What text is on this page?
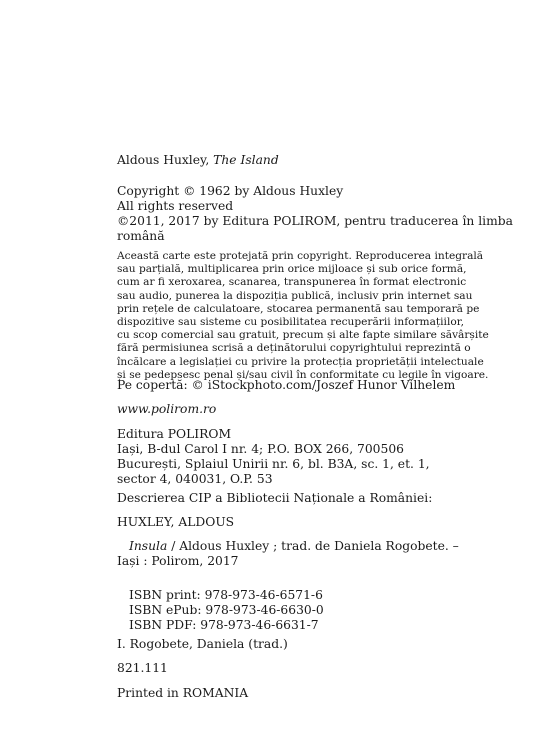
Aldous Huxley, The Island
Copyright © 1962 by Aldous Huxley
All rights reserved
©2011, 2017 by Editura POLIROM, pentru traducerea în limba
română
Această carte este protejată prin copyright. Reproducerea integrală
sau parțială, multiplicarea prin orice mijloace și sub orice formă,
cum ar fi xeroxarea, scanarea, transpunerea în format electronic
sau audio, punerea la dispoziția publică, inclusiv prin internet sau
prin rețele de calculatoare, stocarea permanentă sau temporară pe
dispozitive sau sisteme cu posibilitatea recuperării informațiilor,
cu scop comercial sau gratuit, precum și alte fapte similare săvârșite
fără permisiunea scrisă a deținătorului copyrightului reprezintă o
încălcare a legislației cu privire la protecția proprietății intelectuale
și se pedepsesc penal și/sau civil în conformitate cu legile în vigoare.
Pe copertă: © iStockphoto.com/Joszef Hunor Vilhelem
www.polirom.ro
Editura POLIROM
Iași, B-dul Carol I nr. 4; P.O. BOX 266, 700506
București, Splaiul Unirii nr. 6, bl. B3A, sc. 1, et. 1,
sector 4, 040031, O.P. 53
Descrierea CIP a Bibliotecii Naționale a României:
HUXLEY, ALDOUS
Insula / Aldous Huxley ; trad. de Daniela Rogobete. –
Iași : Polirom, 2017
ISBN print: 978-973-46-6571-6
ISBN ePub: 978-973-46-6630-0
ISBN PDF: 978-973-46-6631-7
I. Rogobete, Daniela (trad.)
821.111
Printed in ROMANIA
